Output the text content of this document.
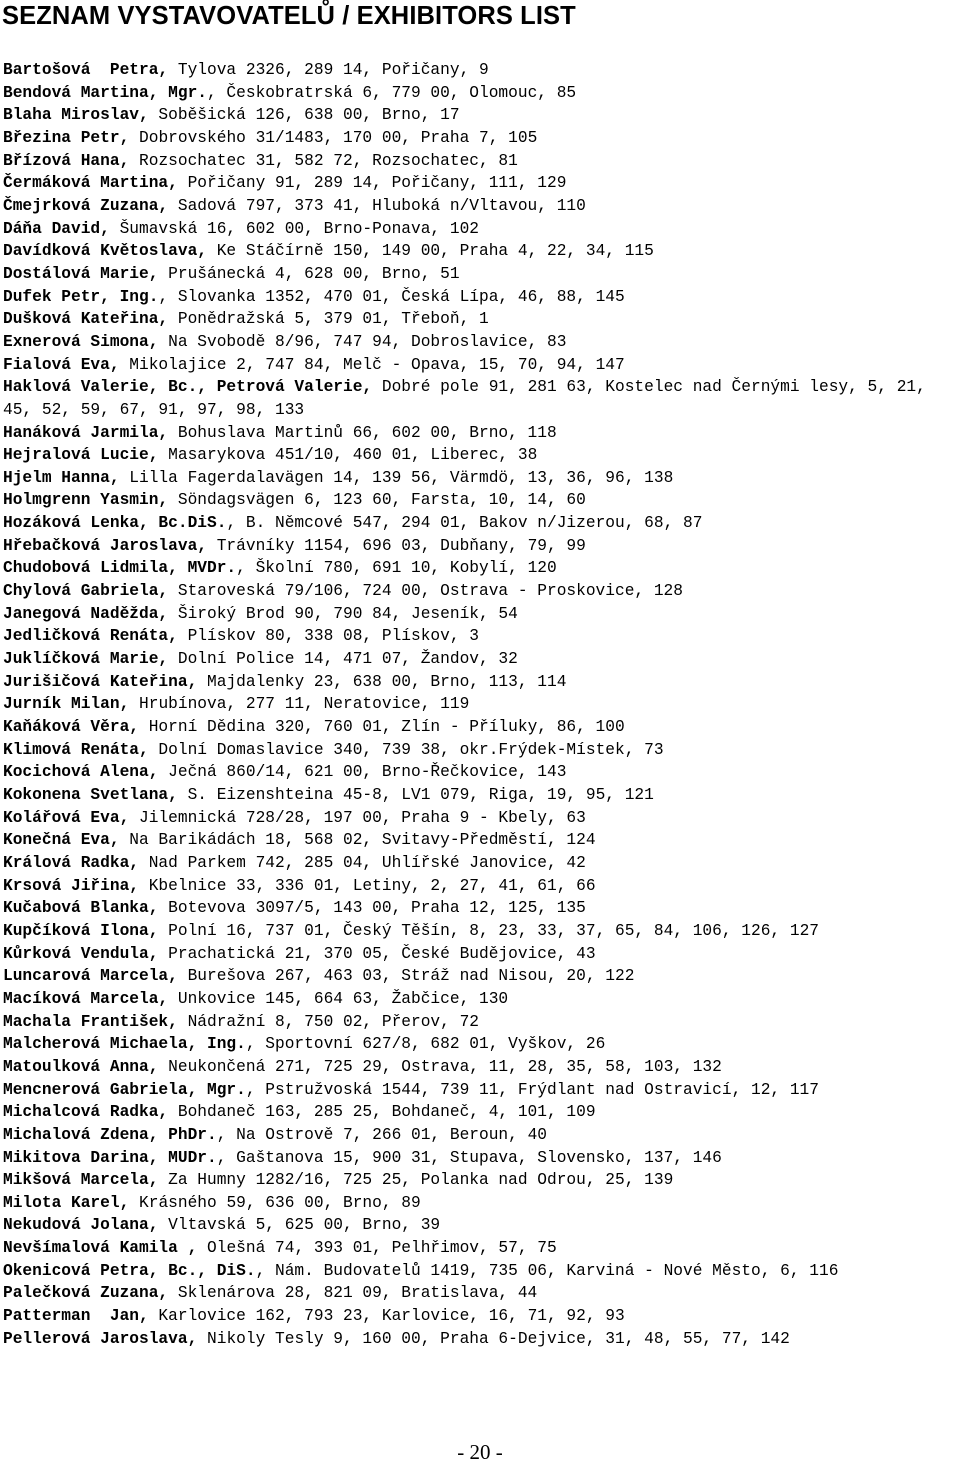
SEZNAM VYSTAVOVATELŮ / EXHIBITORS LIST
Bartošová  Petra, Tylova 2326, 289 14, Pořičany, 9
Bendová Martina, Mgr., Českobratrská 6, 779 00, Olomouc, 85
Blaha Miroslav, Soběšická 126, 638 00, Brno, 17
Březina Petr, Dobrovského 31/1483, 170 00, Praha 7, 105
Břízová Hana, Rozsochatec 31, 582 72, Rozsochatec, 81
Čermáková Martina, Pořičany 91, 289 14, Pořičany, 111, 129
Čmejrková Zuzana, Sadová 797, 373 41, Hluboká n/Vltavou, 110
Dáňa David, Šumavská 16, 602 00, Brno-Ponava, 102
Davídková Květoslava, Ke Stáčírně 150, 149 00, Praha 4, 22, 34, 115
Dostálová Marie, Prušánecká 4, 628 00, Brno, 51
Dufek Petr, Ing., Slovanka 1352, 470 01, Česká Lípa, 46, 88, 145
Dušková Kateřina, Ponědražská 5, 379 01, Třeboň, 1
Exnerová Simona, Na Svobodě 8/96, 747 94, Dobroslavice, 83
Fialová Eva, Mikolajice 2, 747 84, Melč - Opava, 15, 70, 94, 147
Haklová Valerie, Bc., Petrová Valerie, Dobré pole 91, 281 63, Kostelec nad Černými lesy, 5, 21, 45, 52, 59, 67, 91, 97, 98, 133
Hanáková Jarmila, Bohuslava Martinů 66, 602 00, Brno, 118
Hejralová Lucie, Masarykova 451/10, 460 01, Liberec, 38
Hjelm Hanna, Lilla Fagerdalavägen 14, 139 56, Värmdö, 13, 36, 96, 138
Holmgrenn Yasmin, Söndagsvägen 6, 123 60, Farsta, 10, 14, 60
Hozáková Lenka, Bc.DiS., B. Němcové 547, 294 01, Bakov n/Jizerou, 68, 87
Hřebačková Jaroslava, Trávníky 1154, 696 03, Dubňany, 79, 99
Chudobová Lidmila, MVDr., Školní 780, 691 10, Kobylí, 120
Chylová Gabriela, Staroveská 79/106, 724 00, Ostrava - Proskovice, 128
Janegová Naděžda, Široký Brod 90, 790 84, Jeseník, 54
Jedličková Renáta, Plískov 80, 338 08, Plískov, 3
Juklíčková Marie, Dolní Police 14, 471 07, Žandov, 32
Jurišičová Kateřina, Majdalenky 23, 638 00, Brno, 113, 114
Jurník Milan, Hrubínova, 277 11, Neratovice, 119
Kaňáková Věra, Horní Dědina 320, 760 01, Zlín - Příluky, 86, 100
Klimová Renáta, Dolní Domaslavice 340, 739 38, okr.Frýdek-Místek, 73
Kocichová Alena, Ječná 860/14, 621 00, Brno-Řečkovice, 143
Kokonena Svetlana, S. Eizenshteina 45-8, LV1 079, Riga, 19, 95, 121
Kolářová Eva, Jilemnická 728/28, 197 00, Praha 9 - Kbely, 63
Konečná Eva, Na Barikádách 18, 568 02, Svitavy-Předměstí, 124
Králová Radka, Nad Parkem 742, 285 04, Uhlířské Janovice, 42
Krsová Jiřina, Kbelnice 33, 336 01, Letiny, 2, 27, 41, 61, 66
Kučabová Blanka, Botevova 3097/5, 143 00, Praha 12, 125, 135
Kupčíková Ilona, Polní 16, 737 01, Český Těšín, 8, 23, 33, 37, 65, 84, 106, 126, 127
Kůrková Vendula, Prachatická 21, 370 05, České Budějovice, 43
Luncarová Marcela, Burešova 267, 463 03, Stráž nad Nisou, 20, 122
Macíková Marcela, Unkovice 145, 664 63, Žabčice, 130
Machala František, Nádražní 8, 750 02, Přerov, 72
Malcherová Michaela, Ing., Sportovní 627/8, 682 01, Vyškov, 26
Matoulková Anna, Neukončená 271, 725 29, Ostrava, 11, 28, 35, 58, 103, 132
Mencnerová Gabriela, Mgr., Pstružvoská 1544, 739 11, Frýdlant nad Ostravicí, 12, 117
Michalcová Radka, Bohdaneč 163, 285 25, Bohdaneč, 4, 101, 109
Michalová Zdena, PhDr., Na Ostrově 7, 266 01, Beroun, 40
Mikitova Darina, MUDr., Gaštanova 15, 900 31, Stupava, Slovensko, 137, 146
Mikšová Marcela, Za Humny 1282/16, 725 25, Polanka nad Odrou, 25, 139
Milota Karel, Krásného 59, 636 00, Brno, 89
Nekudová Jolana, Vltavská 5, 625 00, Brno, 39
Nevšímalová Kamila , Olešná 74, 393 01, Pelhřimov, 57, 75
Okenicová Petra, Bc., DiS., Nám. Budovatelů 1419, 735 06, Karviná - Nové Město, 6, 116
Palečková Zuzana, Sklenárova 28, 821 09, Bratislava, 44
Patterman  Jan, Karlovice 162, 793 23, Karlovice, 16, 71, 92, 93
Pellerová Jaroslava, Nikoly Tesly 9, 160 00, Praha 6-Dejvice, 31, 48, 55, 77, 142
- 20 -
